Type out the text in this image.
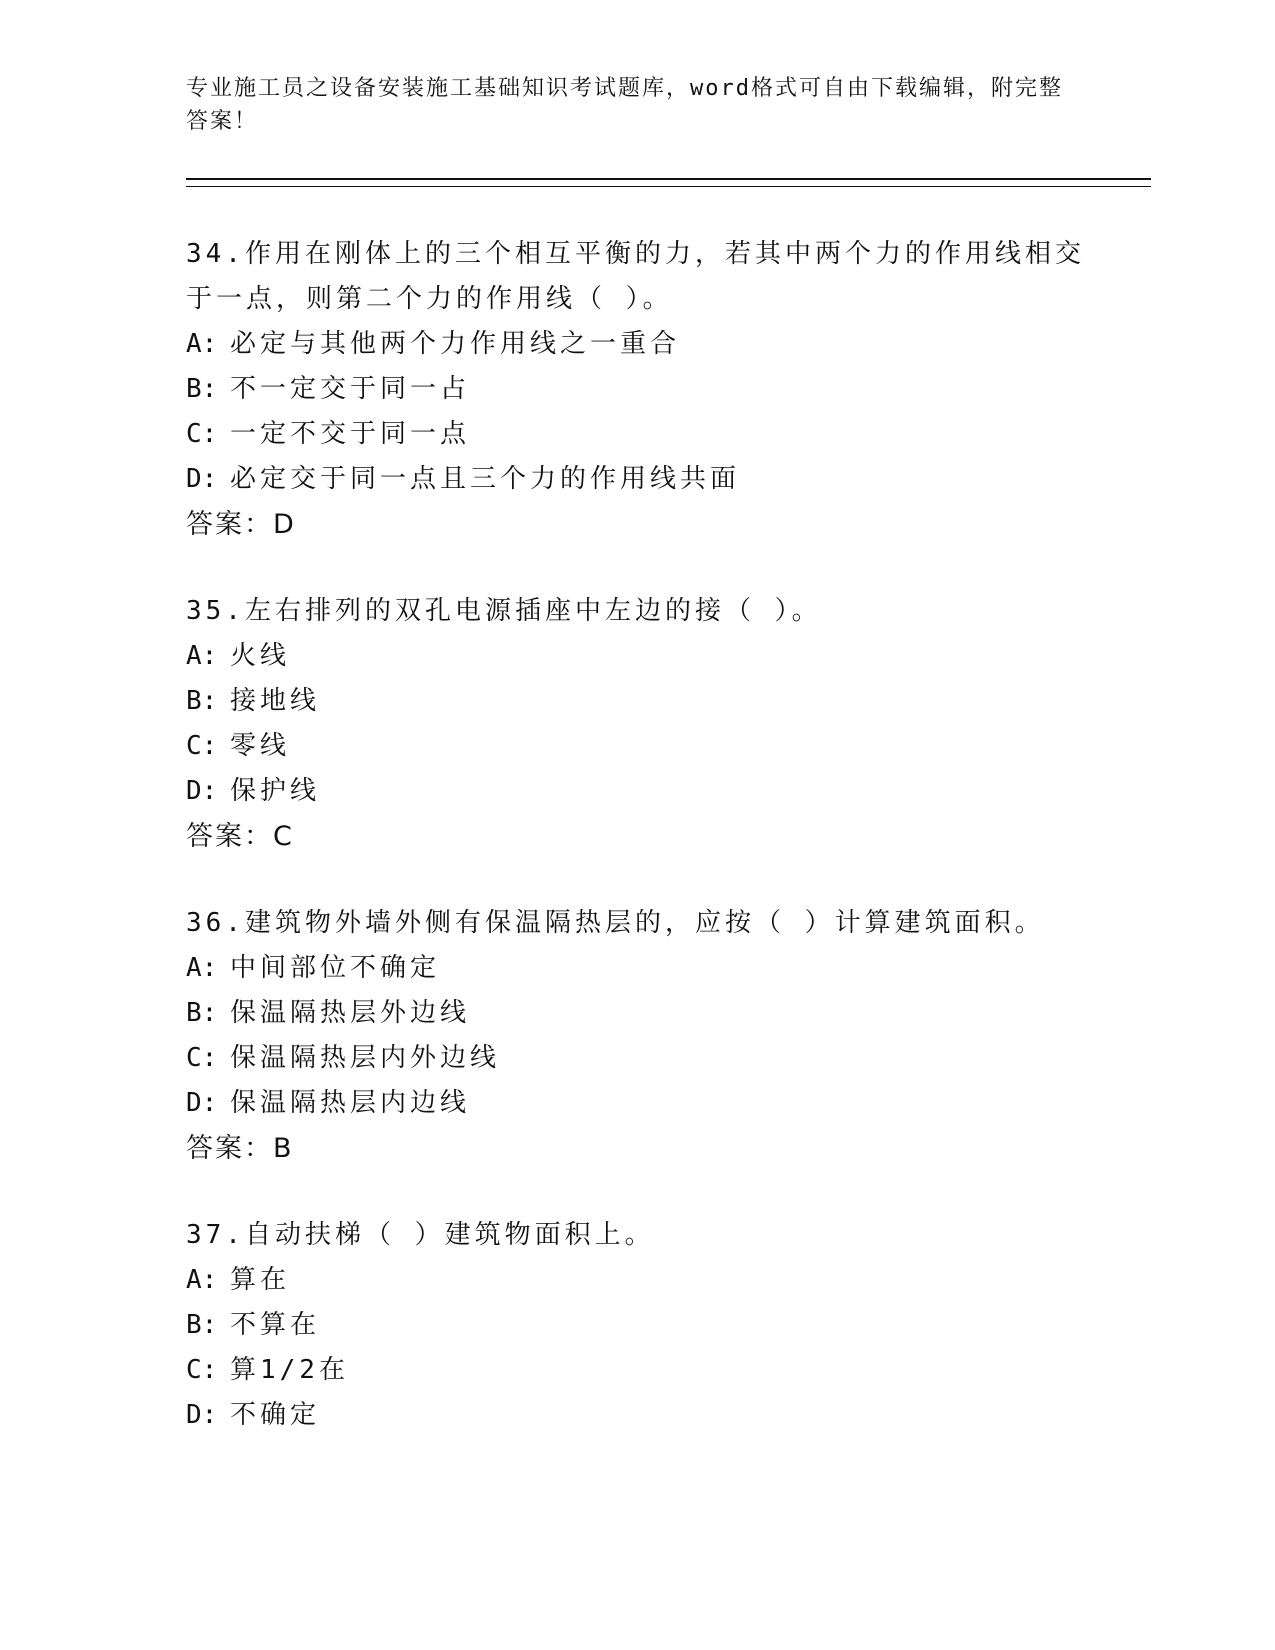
专业施工员之设备安装施工基础知识考试题库，word格式可自由下载编辑，附完整答案！

34.作用在刚体上的三个相互平衡的力，若其中两个力的作用线相交于一点，则第二个力的作用线（ ）。

A: 必定与其他两个力作用线之一重合

B: 不一定交于同一占

C: 一定不交于同一点

D: 必定交于同一点且三个力的作用线共面

答案：D

35.左右排列的双孔电源插座中左边的接（ ）。

A: 火线

B: 接地线

C: 零线

D: 保护线

答案：C

36.建筑物外墙外侧有保温隔热层的，应按（ ）计算建筑面积。

A: 中间部位不确定

B: 保温隔热层外边线

C: 保温隔热层内外边线

D: 保温隔热层内边线

答案：B

37.自动扶梯（ ）建筑物面积上。

A: 算在

B: 不算在

C: 算1/2在

D: 不确定
